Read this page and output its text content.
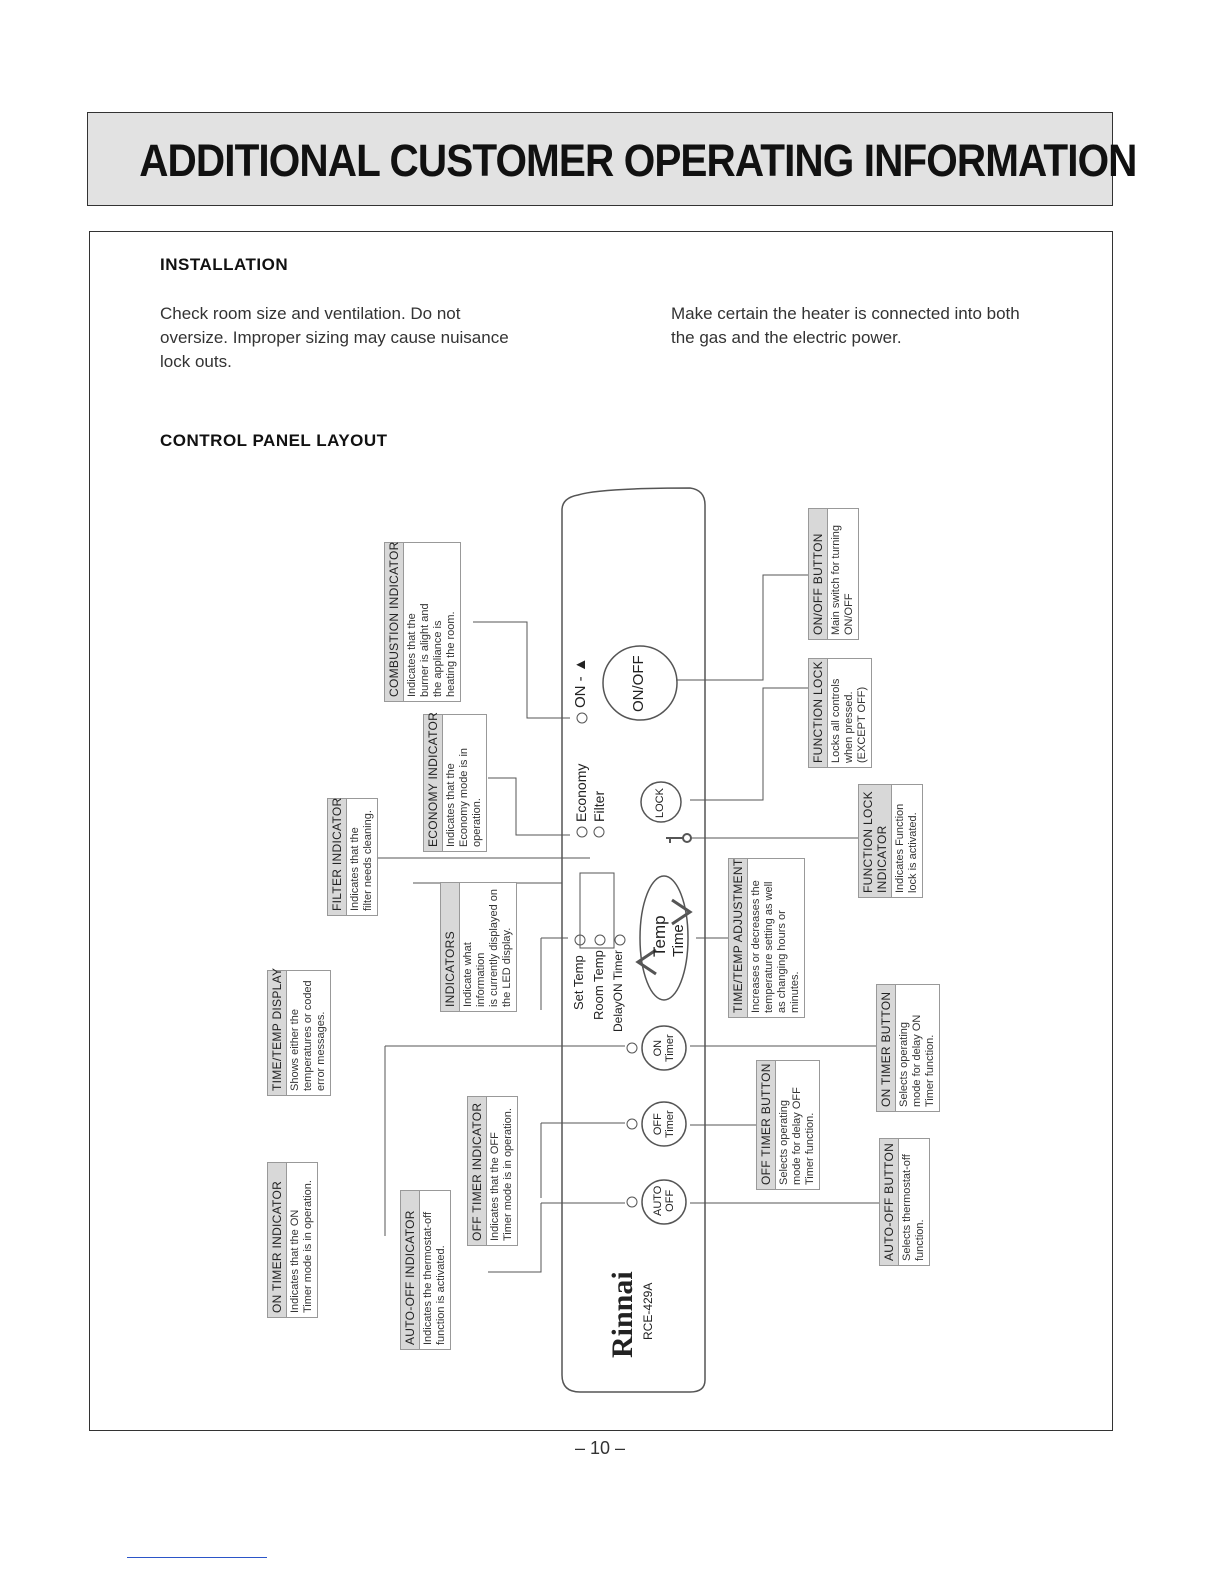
ADDITIONAL CUSTOMER OPERATING INFORMATION
INSTALLATION
Check room size and ventilation. Do not
oversize. Improper sizing may cause nuisance
lock outs.
Make certain the heater is connected into both
the gas and the electric power.
CONTROL PANEL LAYOUT
ON - ▲	ON/OFF
Economy Filter	LOCK
Set Temp Room Temp DelayON Timer
Temp Time
ON Timer
OFF Timer
AUTO OFF
Rinnai RCE-429A
COMBUSTION INDICATOR Indicates that the burner is alight and the appliance is heating the room.
ECONOMY INDICATOR Indicates that the Economy mode is in operation.
FILTER INDICATOR Indicates that the filter needs cleaning.
INDICATORS Indicate what information is currently displayed on the LED display.
TIME/TEMP DISPLAY Shows either the temperatures or coded error messages.
OFF TIMER INDICATOR Indicates that the OFF Timer mode is in operation.
ON TIMER INDICATOR Indicates that the ON Timer mode is in operation.	AUTO-OFF INDICATOR Indicates the thermostat-off function is activated.
ON/OFF BUTTON Main switch for turning ON/OFF
FUNCTION LOCK Locks all controls when pressed. (EXCEPT OFF)
FUNCTION LOCK INDICATOR Indicates Function lock is activated.
TIME/TEMP ADJUSTMENT Increases or decreases the temperature setting as well as changing hours or minutes.	ON TIMER BUTTON Selects operating mode for delay ON Timer function.
OFF TIMER BUTTON Selects operating mode for delay OFF Timer function.	AUTO-OFF BUTTON Selects thermostat-off function.
– 10 –
